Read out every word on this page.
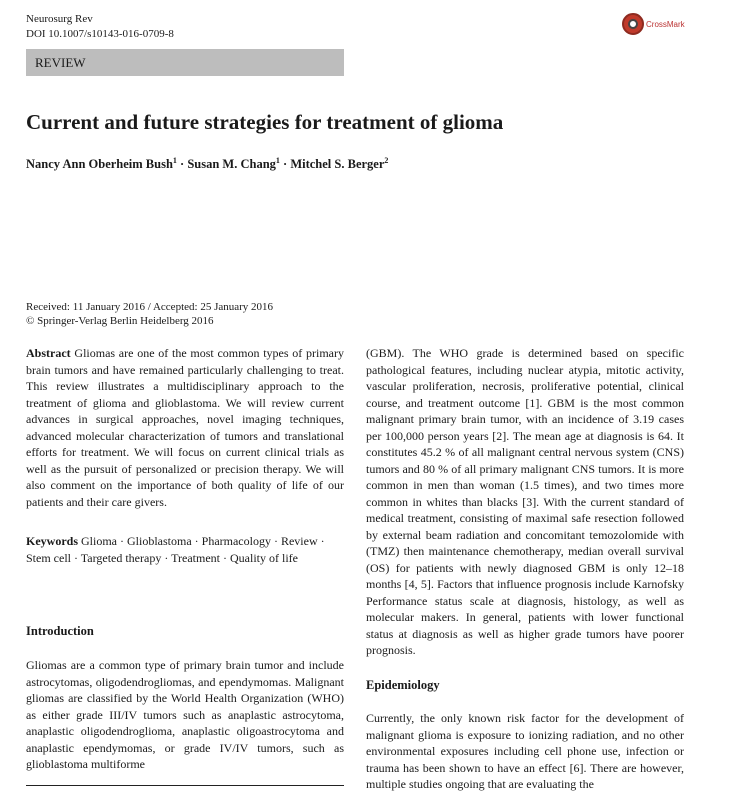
Neurosurg Rev
DOI 10.1007/s10143-016-0709-8
CrossMark
REVIEW
Current and future strategies for treatment of glioma
Nancy Ann Oberheim Bush$^1$ · Susan M. Chang$^1$ · Mitchel S. Berger$^2$
Received: 11 January 2016 / Accepted: 25 January 2016
© Springer-Verlag Berlin Heidelberg 2016

Abstract Gliomas are one of the most common types of primary brain tumors and have remained particularly challenging to treat. This review illustrates a multidisciplinary approach to the treatment of glioma and glioblastoma. We will review current advances in surgical approaches, novel imaging techniques, advanced molecular characterization of tumors and translational efforts for treatment. We will focus on current clinical trials as well as the pursuit of personalized or precision therapy. We will also comment on the importance of both quality of life of our patients and their care givers.

Keywords Glioma · Glioblastoma · Pharmacology · Review · Stem cell · Targeted therapy · Treatment · Quality of life

Introduction

Gliomas are a common type of primary brain tumor and include astrocytomas, oligodendrogliomas, and ependymomas. Malignant gliomas are classified by the World Health Organization (WHO) as either grade III/IV tumors such as anaplastic astrocytoma, anaplastic oligodendroglioma, anaplastic oligoastrocytoma and anaplastic ependymomas, or grade IV/IV tumors, such as glioblastoma multiforme

(GBM). The WHO grade is determined based on specific pathological features, including nuclear atypia, mitotic activity, vascular proliferation, necrosis, proliferative potential, clinical course, and treatment outcome [1]. GBM is the most common malignant primary brain tumor, with an incidence of 3.19 cases per 100,000 person years [2]. The mean age at diagnosis is 64. It constitutes 45.2 % of all malignant central nervous system (CNS) tumors and 80 % of all primary malignant CNS tumors. It is more common in men than woman (1.5 times), and two times more common in whites than blacks [3]. With the current standard of medical treatment, consisting of maximal safe resection followed by external beam radiation and concomitant temozolomide with (TMZ) then maintenance chemotherapy, median overall survival (OS) for patients with newly diagnosed GBM is only 12–18 months [4, 5]. Factors that influence prognosis include Karnofsky Performance status scale at diagnosis, histology, as well as molecular makers. In general, patients with lower functional status at diagnosis as well as higher grade tumors have poorer prognosis.

Epidemiology

Currently, the only known risk factor for the development of malignant glioma is exposure to ionizing radiation, and no other environmental exposures including cell phone use, infection or trauma has been shown to have an effect [6]. There are however, multiple studies ongoing that are evaluating the
